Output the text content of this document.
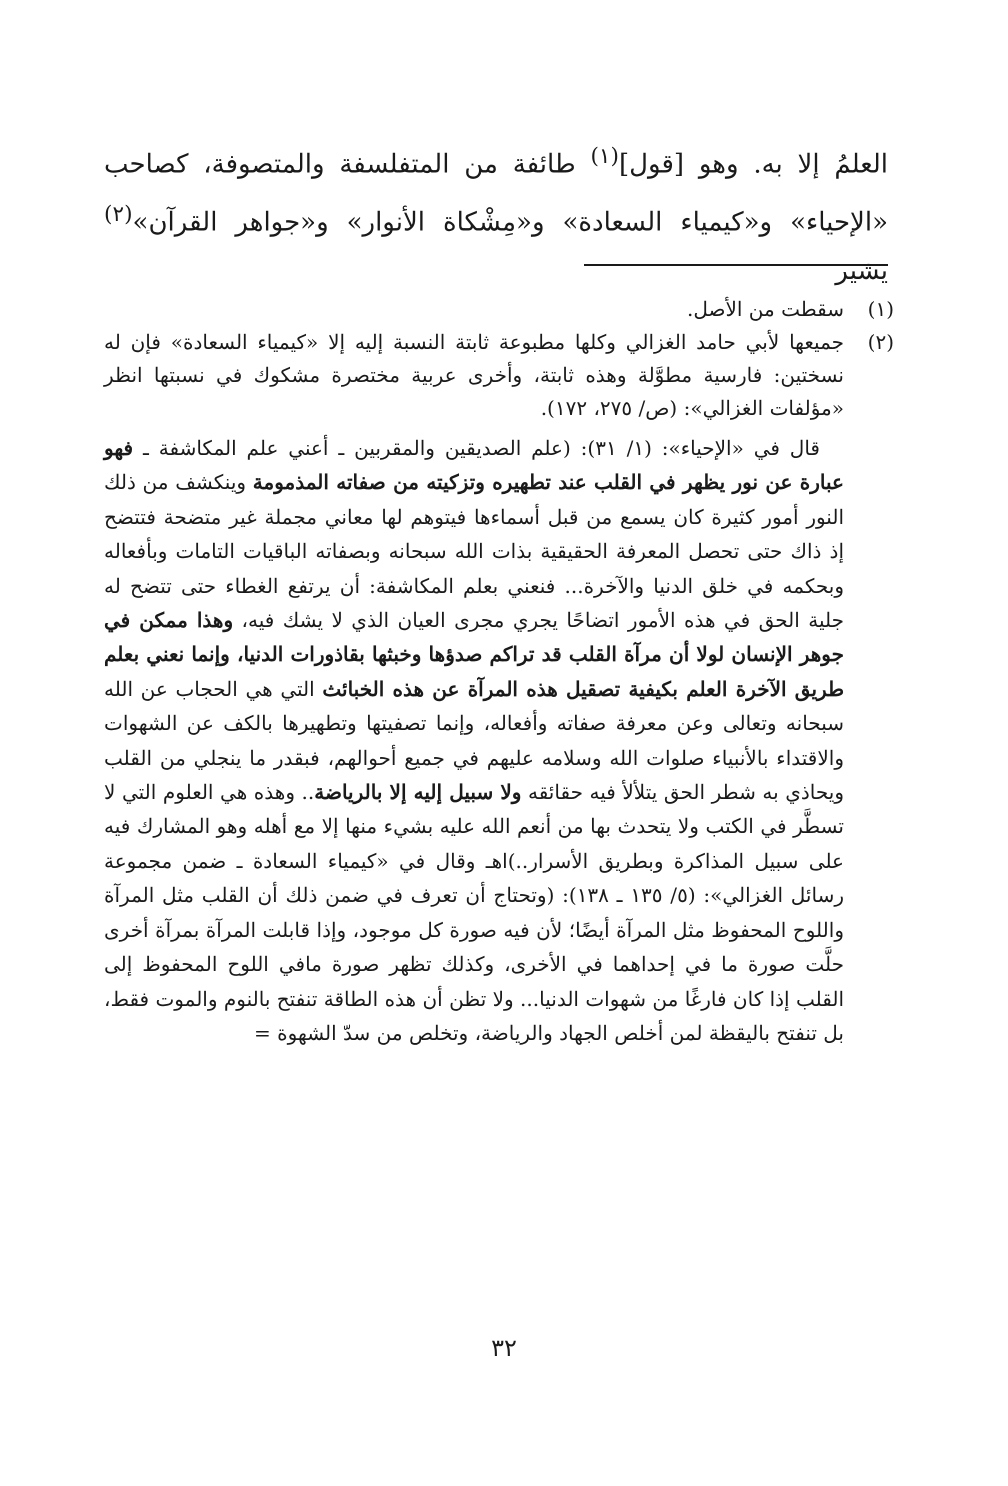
العلمُ إلا به. وهو [قول]$^{(١)}$ طائفة من المتفلسفة والمتصوفة، كصاحب «الإحياء» و«كيمياء السعادة» و«مِشْكاة الأنوار» و«جواهر القرآن»$^{(٢)}$ يشير

(١)

سقطت من الأصل.

(٢)

جميعها لأبي حامد الغزالي وكلها مطبوعة ثابتة النسبة إليه إلا «كيمياء السعادة» فإن له نسختين: فارسية مطوَّلة وهذه ثابتة، وأخرى عربية مختصرة مشكوك في نسبتها انظر «مؤلفات الغزالي»: (ص/ ٢٧٥، ١٧٢).

قال في «الإحياء»: (١/ ٣١): (علم الصديقين والمقربين ـ أعني علم المكاشفة ـ فهو عبارة عن نور يظهر في القلب عند تطهيره وتزكيته من صفاته المذمومة وينكشف من ذلك النور أمور كثيرة كان يسمع من قبل أسماءها فيتوهم لها معاني مجملة غير متضحة فتتضح إذ ذاك حتى تحصل المعرفة الحقيقية بذات الله سبحانه وبصفاته الباقيات التامات وبأفعاله وبحكمه في خلق الدنيا والآخرة... فنعني بعلم المكاشفة: أن يرتفع الغطاء حتى تتضح له جلية الحق في هذه الأمور اتضاحًا يجري مجرى العيان الذي لا يشك فيه، وهذا ممكن في جوهر الإنسان لولا أن مرآة القلب قد تراكم صدؤها وخبثها بقاذورات الدنيا، وإنما نعني بعلم طريق الآخرة العلم بكيفية تصقيل هذه المرآة عن هذه الخبائث التي هي الحجاب عن الله سبحانه وتعالى وعن معرفة صفاته وأفعاله، وإنما تصفيتها وتطهيرها بالكف عن الشهوات والاقتداء بالأنبياء صلوات الله وسلامه عليهم في جميع أحوالهم، فبقدر ما ينجلي من القلب ويحاذي به شطر الحق يتلألأ فيه حقائقه ولا سبيل إليه إلا بالرياضة.. وهذه هي العلوم التي لا تسطَّر في الكتب ولا يتحدث بها من أنعم الله عليه بشيء منها إلا مع أهله وهو المشارك فيه على سبيل المذاكرة وبطريق الأسرار..)اهـ وقال في «كيمياء السعادة ـ ضمن مجموعة رسائل الغزالي»: (٥/ ١٣٥ ـ ١٣٨): (وتحتاج أن تعرف في ضمن ذلك أن القلب مثل المرآة واللوح المحفوظ مثل المرآة أيضًا؛ لأن فيه صورة كل موجود، وإذا قابلت المرآة بمرآة أخرى حلَّت صورة ما في إحداهما في الأخرى، وكذلك تظهر صورة مافي اللوح المحفوظ إلى القلب إذا كان فارغًا من شهوات الدنيا... ولا تظن أن هذه الطاقة تنفتح بالنوم والموت فقط، بل تنفتح باليقظة لمن أخلص الجهاد والرياضة، وتخلص من سدّ الشهوة =

٣٢
